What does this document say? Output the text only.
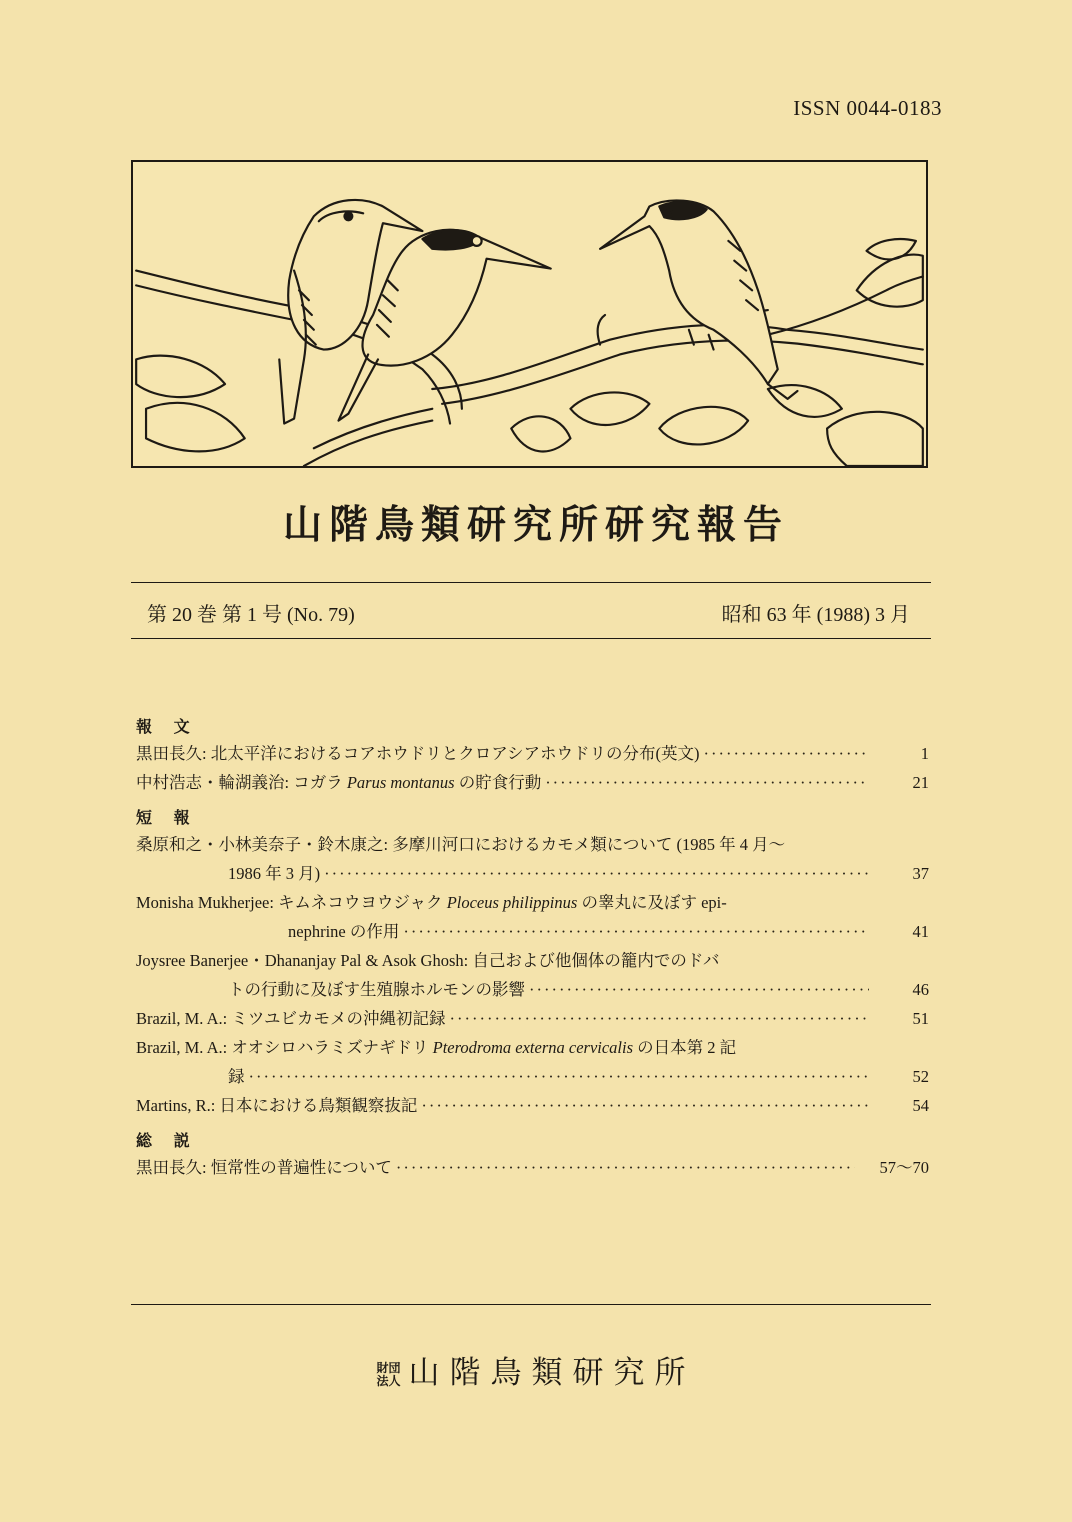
ISSN 0044-0183
山階鳥類研究所研究報告
第 20 巻 第 1 号 (No. 79)	昭和 63 年 (1988) 3 月
報 文
黒田長久: 北太平洋におけるコアホウドリとクロアシアホウドリの分布(英文) ·····	1
中村浩志・輪湖義治: コガラ Parus montanus の貯食行動 ·····	21
短 報
桑原和之・小林美奈子・鈴木康之: 多摩川河口におけるカモメ類について (1985 年 4 月～
1986 年 3 月) ·····	37
Monisha Mukherjee: キムネコウヨウジャク Ploceus philippinus の睾丸に及ぼす epi-
nephrine の作用 ·····	41
Joysree Banerjee・Dhananjay Pal & Asok Ghosh: 自己および他個体の籠内でのドバ
トの行動に及ぼす生殖腺ホルモンの影響 ·····	46
Brazil, M. A.: ミツユビカモメの沖縄初記録 ·····	51
Brazil, M. A.: オオシロハラミズナギドリ Pterodroma externa cervicalis の日本第 2 記
録 ·····	52
Martins, R.: 日本における鳥類観察抜記 ·····	54
総 説
黒田長久: 恒常性の普遍性について ·····	57～70
財団
法人 山階鳥類研究所
